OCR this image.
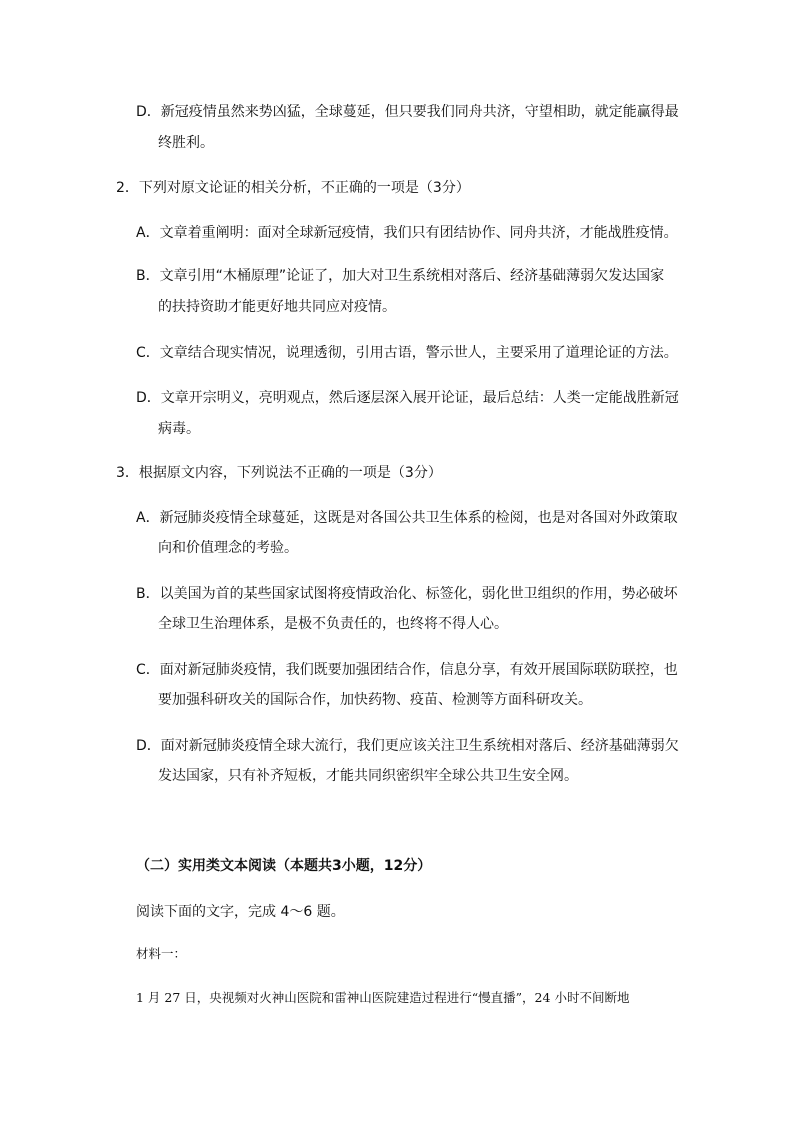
D．新冠疫情虽然来势凶猛，全球蔓延，但只要我们同舟共济，守望相助，就定能赢得最
终胜利。
2．下列对原文论证的相关分析，不正确的一项是（3分）
A．文章着重阐明：面对全球新冠疫情，我们只有团结协作、同舟共济，才能战胜疫情。
B．文章引用“木桶原理”论证了，加大对卫生系统相对落后、经济基础薄弱欠发达国家
的扶持资助才能更好地共同应对疫情。
C．文章结合现实情况，说理透彻，引用古语，警示世人，主要采用了道理论证的方法。
D．文章开宗明义，亮明观点，然后逐层深入展开论证，最后总结：人类一定能战胜新冠
病毒。
3．根据原文内容，下列说法不正确的一项是（3分）
A．新冠肺炎疫情全球蔓延，这既是对各国公共卫生体系的检阅，也是对各国对外政策取
向和价值理念的考验。
B．以美国为首的某些国家试图将疫情政治化、标签化，弱化世卫组织的作用，势必破坏
全球卫生治理体系，是极不负责任的，也终将不得人心。
C．面对新冠肺炎疫情，我们既要加强团结合作，信息分享，有效开展国际联防联控，也
要加强科研攻关的国际合作，加快药物、疫苗、检测等方面科研攻关。
D．面对新冠肺炎疫情全球大流行，我们更应该关注卫生系统相对落后、经济基础薄弱欠
发达国家，只有补齐短板，才能共同织密织牢全球公共卫生安全网。
（二）实用类文本阅读（本题共3小题，12分）
阅读下面的文字，完成 4～6 题。
材料一：
1 月 27 日，央视频对火神山医院和雷神山医院建造过程进行“慢直播”，24 小时不间断地
